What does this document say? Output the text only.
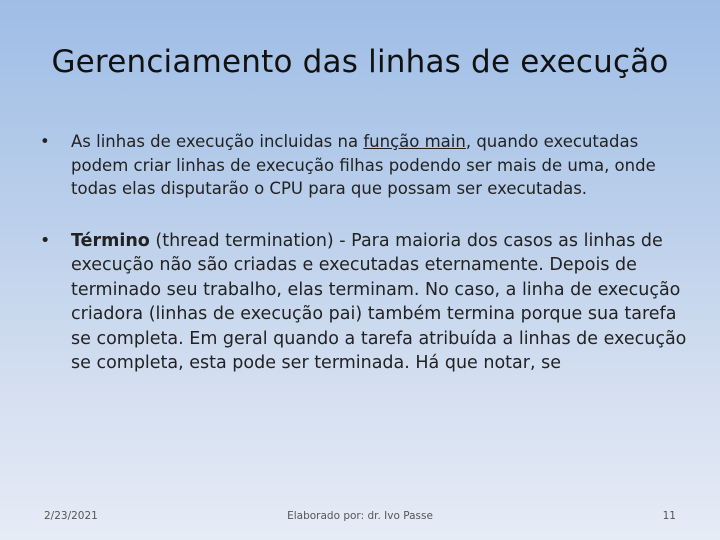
Gerenciamento das linhas de execução
• As linhas de execução incluidas na função main, quando executadas podem criar linhas de execução filhas podendo ser mais de uma, onde todas elas disputarão o CPU para que possam ser executadas.
• Término (thread termination) - Para maioria dos casos as linhas de execução não são criadas e executadas eternamente. Depois de terminado seu trabalho, elas terminam. No caso, a linha de execução criadora (linhas de execução pai) também termina porque sua tarefa se completa. Em geral quando a tarefa atribuída a linhas de execução se completa, esta pode ser terminada. Há que notar, se
2/23/2021	Elaborado por: dr. Ivo Passe	11
